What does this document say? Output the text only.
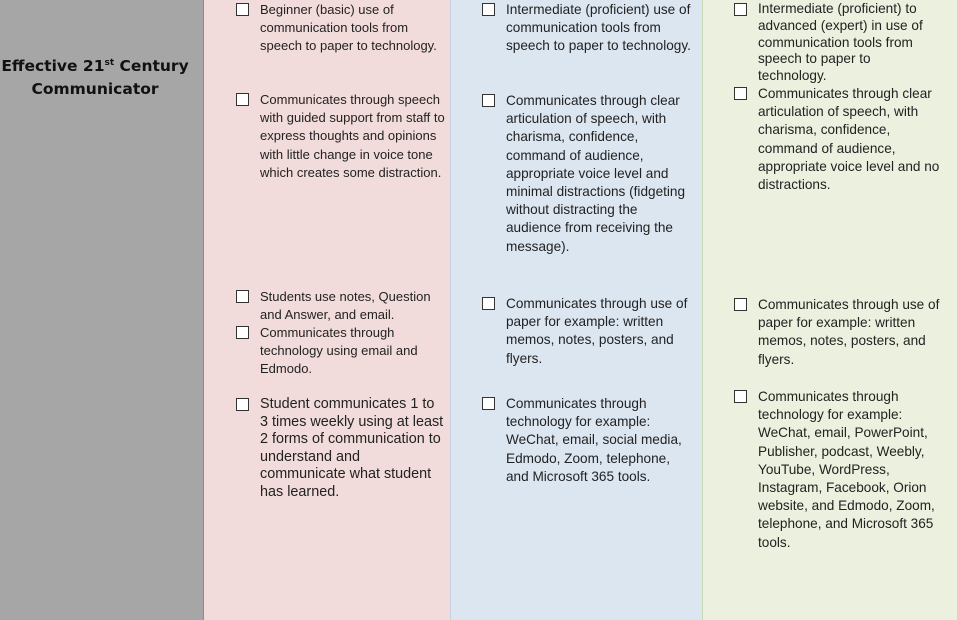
Effective 21st Century
Communicator
Beginner (basic) use of communication tools from speech to paper to technology.
Communicates through speech with guided support from staff to express thoughts and opinions with little change in voice tone which creates some distraction.
Students use notes, Question and Answer, and email.
Communicates through technology using email and Edmodo.
Student communicates 1 to 3 times weekly using at least 2 forms of communication to understand and communicate what student has learned.
Intermediate (proficient) use of communication tools from speech to paper to technology.
Communicates through clear articulation of speech, with charisma, confidence, command of audience, appropriate voice level and minimal distractions (fidgeting without distracting the audience from receiving the message).
Communicates through use of paper for example: written memos, notes, posters, and flyers.
Communicates through technology for example: WeChat, email, social media, Edmodo, Zoom, telephone, and Microsoft 365 tools.
Intermediate (proficient) to advanced (expert) in use of communication tools from speech to paper to technology.
Communicates through clear articulation of speech, with charisma, confidence, command of audience, appropriate voice level and no distractions.
Communicates through use of paper for example: written memos, notes, posters, and flyers.
Communicates through technology for example: WeChat, email, PowerPoint, Publisher, podcast, Weebly, YouTube, WordPress, Instagram, Facebook, Orion website, and Edmodo, Zoom, telephone, and Microsoft 365 tools.
